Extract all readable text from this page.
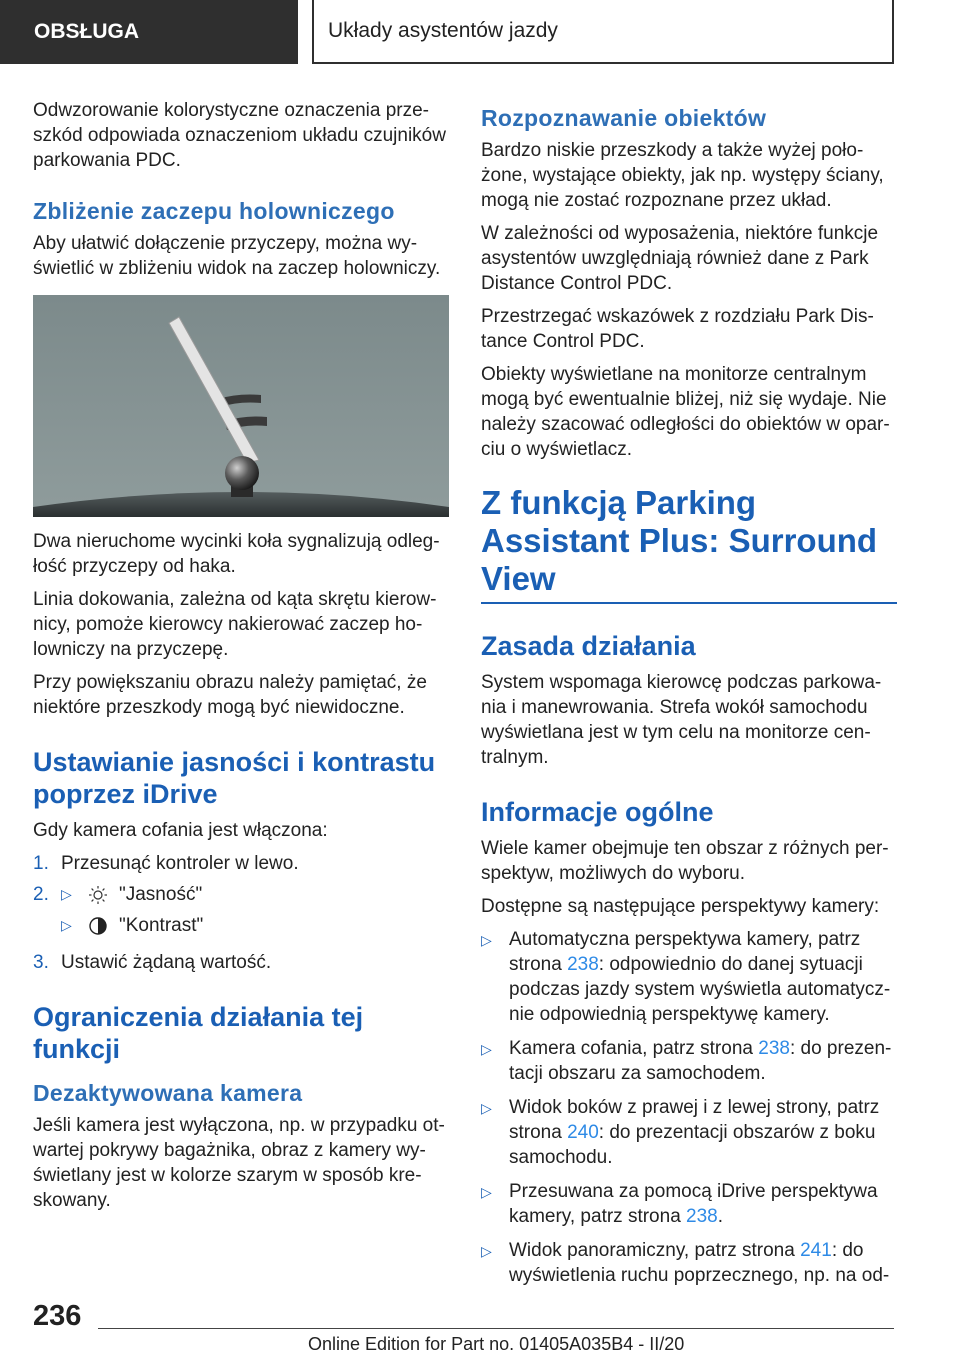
OBSŁUGA	Układy asystentów jazdy

Odwzorowanie kolorystyczne oznaczenia prze-szkód odpowiada oznaczeniom układu czujników parkowania PDC.

Zbliżenie zaczepu holowniczego

Aby ułatwić dołączenie przyczepy, można wy-świetlić w zbliżeniu widok na zaczep holowniczy.

Dwa nieruchome wycinki koła sygnalizują odleg-łość przyczepy od haka.

Linia dokowania, zależna od kąta skrętu kierow-nicy, pomoże kierowcy nakierować zaczep ho-lowniczy na przyczepę.

Przy powiększaniu obrazu należy pamiętać, że niektóre przeszkody mogą być niewidoczne.

Ustawianie jasności i kontrastu poprzez iDrive

Gdy kamera cofania jest włączona:

1. Przesunąć kontroler w lewo.
2. ▷	"Jasność"
▷	"Kontrast"
3. Ustawić żądaną wartość.
Ograniczenia działania tej funkcji
Dezaktywowana kamera

Jeśli kamera jest wyłączona, np. w przypadku ot-wartej pokrywy bagażnika, obraz z kamery wy-świetlany jest w kolorze szarym w sposób kre-skowany.

Rozpoznawanie obiektów

Bardzo niskie przeszkody a także wyżej poło-żone, wystające obiekty, jak np. występy ściany, mogą nie zostać rozpoznane przez układ.

W zależności od wyposażenia, niektóre funkcje asystentów uwzględniają również dane z Park Distance Control PDC.

Przestrzegać wskazówek z rozdziału Park Dis-tance Control PDC.

Obiekty wyświetlane na monitorze centralnym mogą być ewentualnie bliżej, niż się wydaje. Nie należy szacować odległości do obiektów w opar-ciu o wyświetlacz.

Z funkcją Parking Assistant Plus: Surround View
Zasada działania

System wspomaga kierowcę podczas parkowa-nia i manewrowania. Strefa wokół samochodu wyświetlana jest w tym celu na monitorze cen-tralnym.

Informacje ogólne

Wiele kamer obejmuje ten obszar z różnych per-spektyw, możliwych do wyboru.

Dostępne są następujące perspektywy kamery:

▷ Automatyczna perspektywa kamery, patrz strona 238: odpowiednio do danej sytuacji podczas jazdy system wyświetla automatycz-nie odpowiednią perspektywę kamery.
▷ Kamera cofania, patrz strona 238: do prezen-tacji obszaru za samochodem.
▷ Widok boków z prawej i z lewej strony, patrz strona 240: do prezentacji obszarów z boku samochodu.
▷ Przesuwana za pomocą iDrive perspektywa kamery, patrz strona 238.
▷ Widok panoramiczny, patrz strona 241: do wyświetlenia ruchu poprzecznego, np. na od-
236
Online Edition for Part no. 01405A035B4 - II/20
